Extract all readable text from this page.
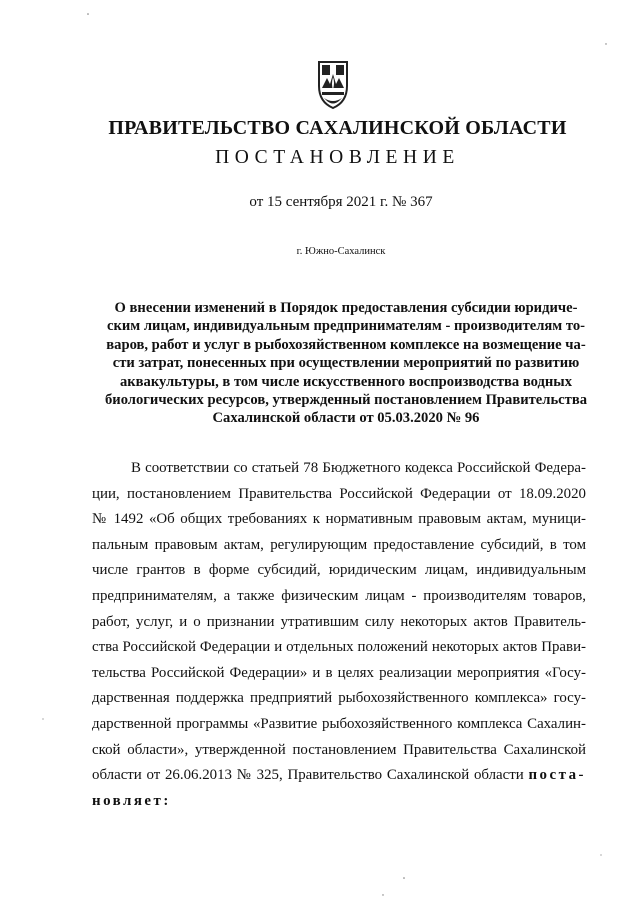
ПРАВИТЕЛЬСТВО САХАЛИНСКОЙ ОБЛАСТИ
ПОСТАНОВЛЕНИЕ
от 15 сентября 2021 г. № 367
г. Южно-Сахалинск
О внесении изменений в Порядок предоставления субсидии юридиче-
ским лицам, индивидуальным предпринимателям - производителям то-
варов, работ и услуг в рыбохозяйственном комплексе на возмещение ча-
сти затрат, понесенных при осуществлении мероприятий по развитию
аквакультуры, в том числе искусственного воспроизводства водных
биологических ресурсов, утвержденный постановлением Правительства
Сахалинской области от 05.03.2020 № 96
В соответствии со статьей 78 Бюджетного кодекса Российской Федера-
ции, постановлением Правительства Российской Федерации от 18.09.2020
№ 1492 «Об общих требованиях к нормативным правовым актам, муници-
пальным правовым актам, регулирующим предоставление субсидий, в том
числе грантов в форме субсидий, юридическим лицам, индивидуальным
предпринимателям, а также физическим лицам - производителям товаров,
работ, услуг, и о признании утратившим силу некоторых актов Правитель-
ства Российской Федерации и отдельных положений некоторых актов Прави-
тельства Российской Федерации» и в целях реализации мероприятия «Госу-
дарственная поддержка предприятий рыбохозяйственного комплекса» госу-
дарственной программы «Развитие рыбохозяйственного комплекса Сахалин-
ской области», утвержденной постановлением Правительства Сахалинской
области от 26.06.2013 № 325, Правительство Сахалинской области поста-
новляет:
